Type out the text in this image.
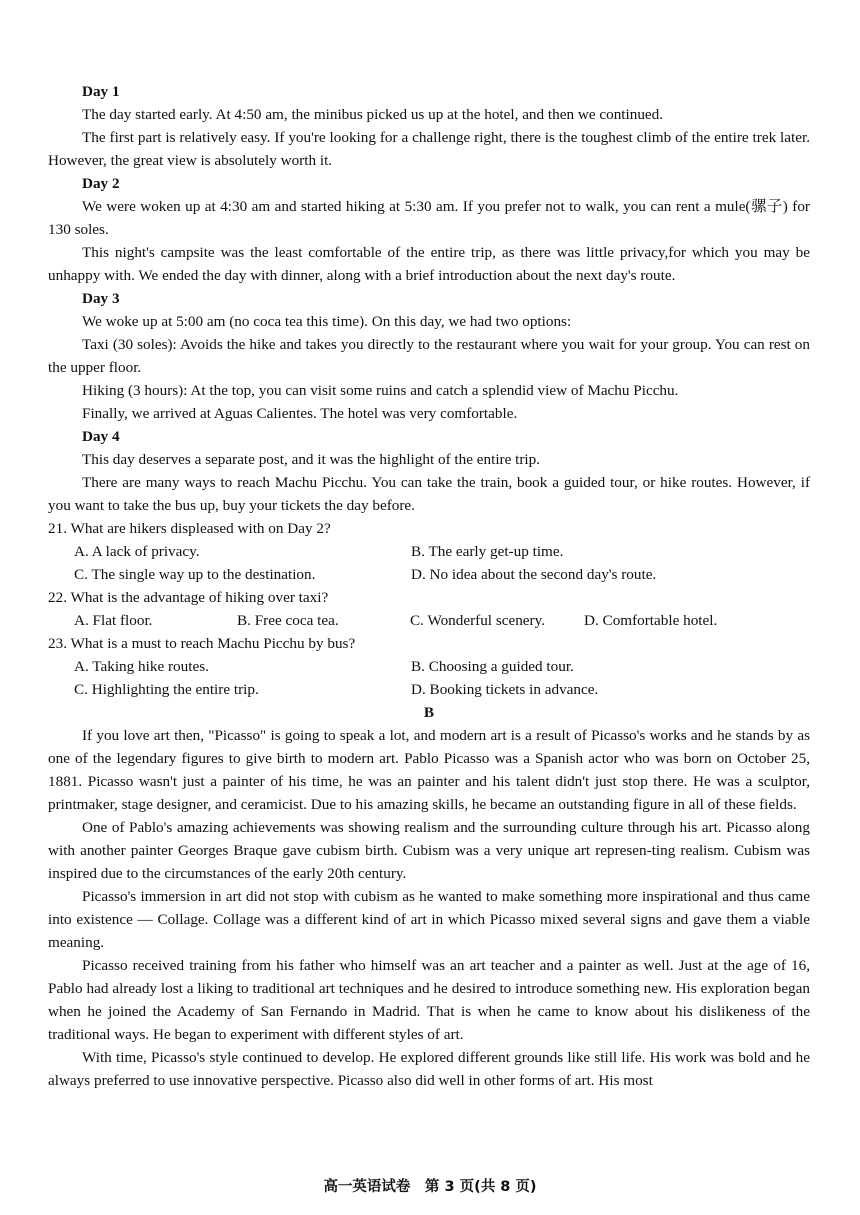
Day 1
The day started early. At 4:50 am, the minibus picked us up at the hotel, and then we continued.
The first part is relatively easy. If you're looking for a challenge right, there is the toughest climb of the entire trek later. However, the great view is absolutely worth it.
Day 2
We were woken up at 4:30 am and started hiking at 5:30 am. If you prefer not to walk, you can rent a mule(骡子) for 130 soles.
This night's campsite was the least comfortable of the entire trip, as there was little privacy,for which you may be unhappy with. We ended the day with dinner, along with a brief introduction about the next day's route.
Day 3
We woke up at 5:00 am (no coca tea this time). On this day, we had two options:
Taxi (30 soles): Avoids the hike and takes you directly to the restaurant where you wait for your group. You can rest on the upper floor.
Hiking (3 hours): At the top, you can visit some ruins and catch a splendid view of Machu Picchu.
Finally, we arrived at Aguas Calientes. The hotel was very comfortable.
Day 4
This day deserves a separate post, and it was the highlight of the entire trip.
There are many ways to reach Machu Picchu. You can take the train, book a guided tour, or hike routes. However, if you want to take the bus up, buy your tickets the day before.
21. What are hikers displeased with on Day 2?
A. A lack of privacy.	B. The early get-up time.
C. The single way up to the destination.	D. No idea about the second day's route.
22. What is the advantage of hiking over taxi?
A. Flat floor.	B. Free coca tea.	C. Wonderful scenery.	D. Comfortable hotel.
23. What is a must to reach Machu Picchu by bus?
A. Taking hike routes.	B. Choosing a guided tour.
C. Highlighting the entire trip.	D. Booking tickets in advance.
B
If you love art then, "Picasso" is going to speak a lot, and modern art is a result of Picasso's works and he stands by as one of the legendary figures to give birth to modern art. Pablo Picasso was a Spanish actor who was born on October 25, 1881. Picasso wasn't just a painter of his time, he was an painter and his talent didn't just stop there. He was a sculptor, printmaker, stage designer, and ceramicist. Due to his amazing skills, he became an outstanding figure in all of these fields.
One of Pablo's amazing achievements was showing realism and the surrounding culture through his art. Picasso along with another painter Georges Braque gave cubism birth. Cubism was a very unique art represen-ting realism. Cubism was inspired due to the circumstances of the early 20th century.
Picasso's immersion in art did not stop with cubism as he wanted to make something more inspirational and thus came into existence — Collage. Collage was a different kind of art in which Picasso mixed several signs and gave them a viable meaning.
Picasso received training from his father who himself was an art teacher and a painter as well. Just at the age of 16, Pablo had already lost a liking to traditional art techniques and he desired to introduce something new. His exploration began when he joined the Academy of San Fernando in Madrid. That is when he came to know about his dislikeness of the traditional ways. He began to experiment with different styles of art.
With time, Picasso's style continued to develop. He explored different grounds like still life. His work was bold and he always preferred to use innovative perspective. Picasso also did well in other forms of art. His most
高一英语试卷　第 3 页(共 8 页)
